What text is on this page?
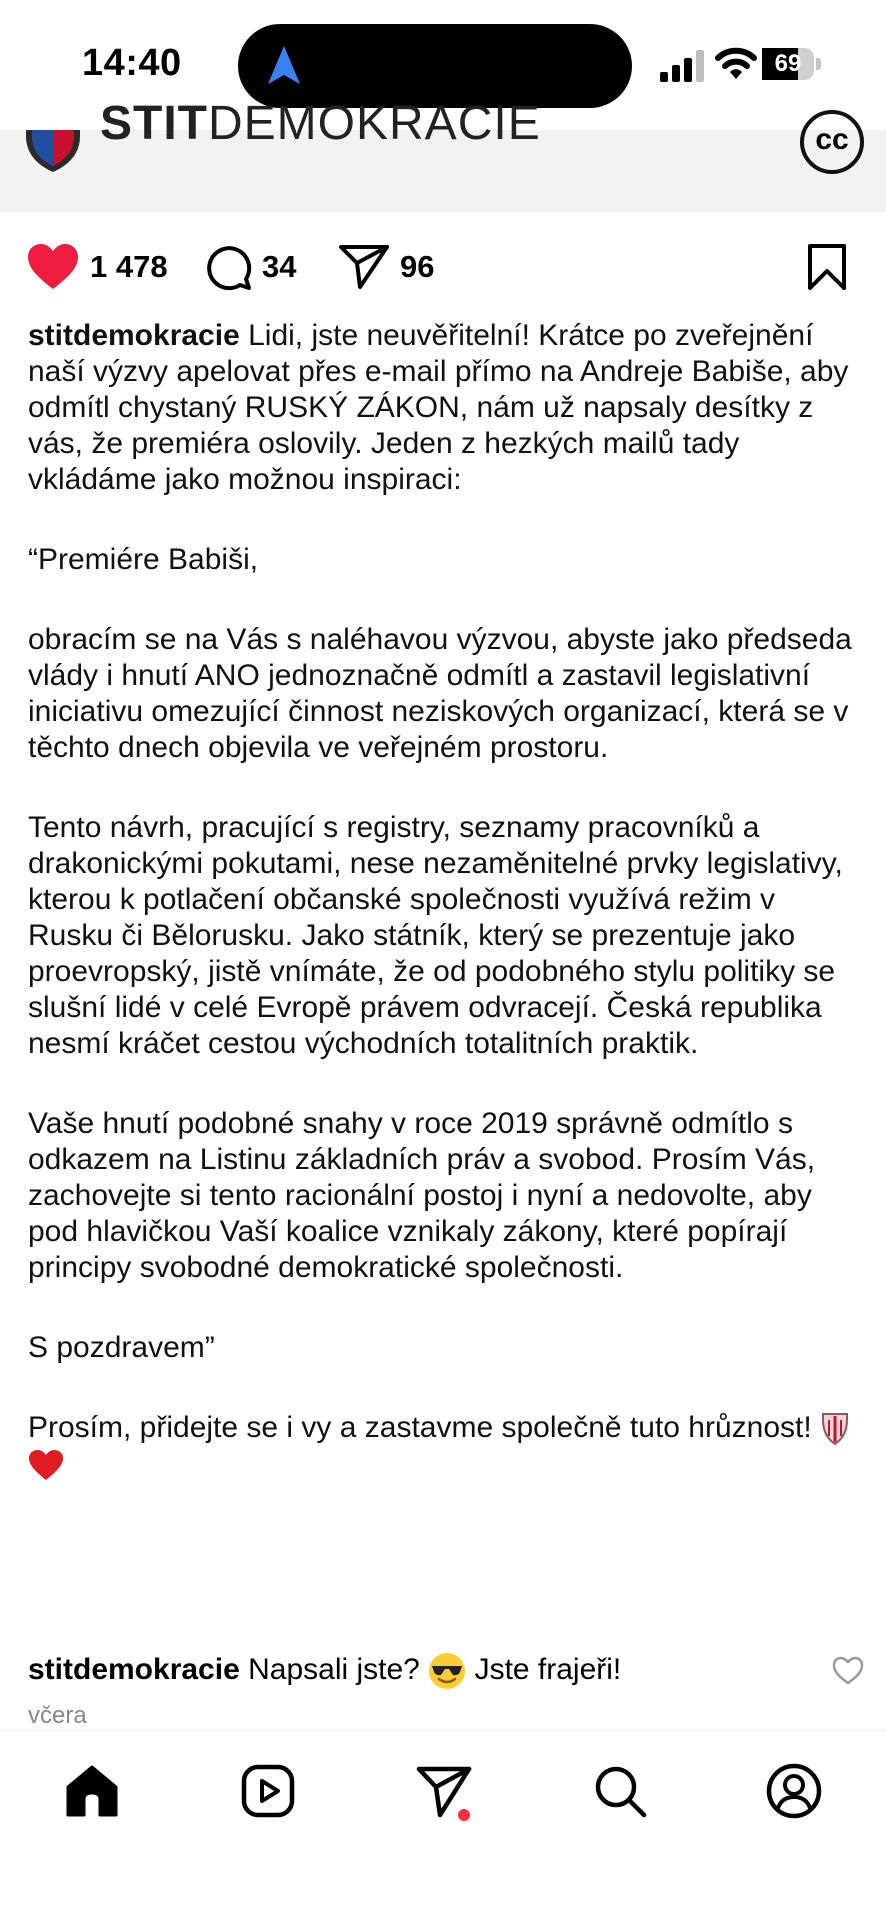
14:40	69
STITDEMOKRACIE	cc
1 478	34	96

stitdemokracie Lidi, jste neuvěřitelní! Krátce po zveřejnění naší výzvy apelovat přes e-mail přímo na Andreje Babiše, aby odmítl chystaný RUSKÝ ZÁKON, nám už napsaly desítky z vás, že premiéra oslovily. Jeden z hezkých mailů tady vkládáme jako možnou inspiraci:

“Premiére Babiši,

obracím se na Vás s naléhavou výzvou, abyste jako předseda vlády i hnutí ANO jednoznačně odmítl a zastavil legislativní iniciativu omezující činnost neziskových organizací, která se v těchto dnech objevila ve veřejném prostoru.

Tento návrh, pracující s registry, seznamy pracovníků a drakonickými pokutami, nese nezaměnitelné prvky legislativy, kterou k potlačení občanské společnosti využívá režim v Rusku či Bělorusku. Jako státník, který se prezentuje jako proevropský, jistě vnímáte, že od podobného stylu politiky se slušní lidé v celé Evropě právem odvracejí. Česká republika nesmí kráčet cestou východních totalitních praktik.

Vaše hnutí podobné snahy v roce 2019 správně odmítlo s odkazem na Listinu základních práv a svobod. Prosím Vás, zachovejte si tento racionální postoj i nyní a nedovolte, aby pod hlavičkou Vaší koalice vznikaly zákony, které popírají principy svobodné demokratické společnosti.

S pozdravem”

Prosím, přidejte se i vy a zastavme společně tuto hrůznost!

stitdemokracie Napsali jste? Jste frajeři!
včera
